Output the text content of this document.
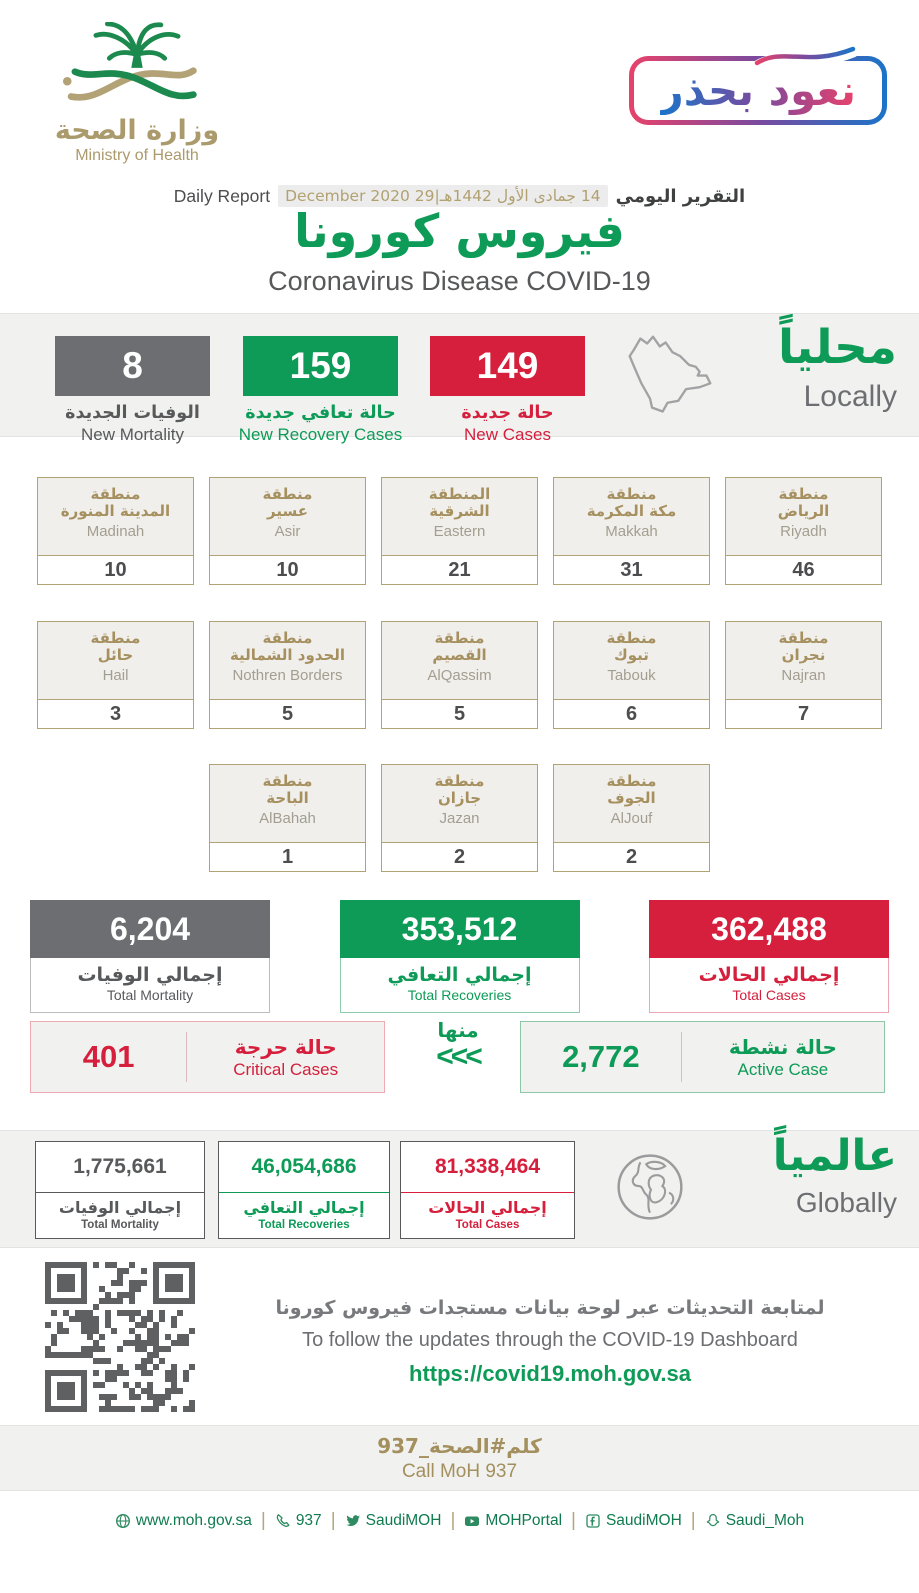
وزارة الصحة
Ministry of Health
نعود بحذر
Daily Report 14 جمادى الأول 1442هـ|29 December 2020 التقرير اليومي
فيروس كورونا
Coronavirus Disease COVID-19
8
الوفيات الجديدة
New Mortality
159
حالة تعافي جديدة
New Recovery Cases
149
حالة جديدة
New Cases
محلياً
Locally
منطقة
المدينة المنورة
Madinah
10
منطقة
عسير
Asir
10
المنطقة
الشرقية
Eastern
21
منطقة
مكة المكرمة
Makkah
31
منطقة
الرياض
Riyadh
46
منطقة
حائل
Hail
3
منطقة
الحدود الشمالية
Nothren Borders
5
منطقة
القصيم
AlQassim
5
منطقة
تبوك
Tabouk
6
منطقة
نجران
Najran
7
منطقة
الباحة
AlBahah
1
منطقة
جازان
Jazan
2
منطقة
الجوف
AlJouf
2
6,204
إجمالي الوفيات
Total Mortality
353,512
إجمالي التعافي
Total Recoveries
362,488
إجمالي الحالات
Total Cases
401	حالة حرجة
Critical Cases
منها
<<<	2,772	حالة نشطة
Active Case
1,775,661
إجمالي الوفيات
Total Mortality
46,054,686
إجمالي التعافي
Total Recoveries
81,338,464
إجمالي الحالات
Total Cases
عالمياً
Globally
لمتابعة التحديثات عبر لوحة بيانات مستجدات فيروس كورونا
To follow the updates through the COVID-19 Dashboard
https://covid19.moh.gov.sa
كلم#الصحة_937
Call MoH 937
www.moh.gov.sa | 937 | SaudiMOH | MOHPortal | SaudiMOH | Saudi_Moh
